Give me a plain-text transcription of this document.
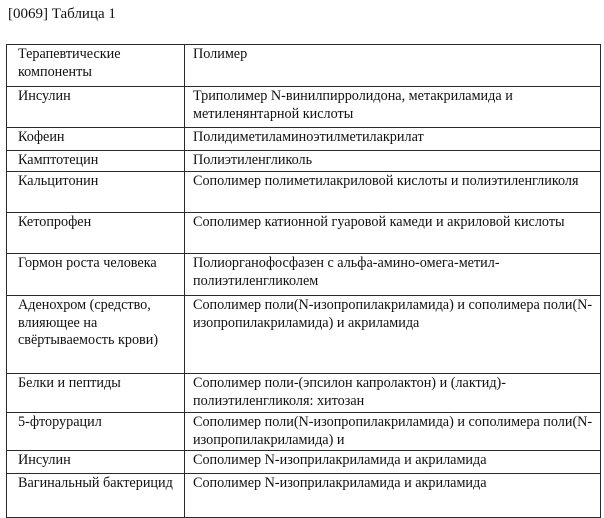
[0069] Таблица 1
Терапевтические компоненты	Полимер
Инсулин	Триполимер N-винилпирролидона, метакриламида и метиленянтарной кислоты
Кофеин	Полидиметиламиноэтилметилакрилат
Камптотецин	Полиэтиленгликоль
Кальцитонин	Сополимер полиметилакриловой кислоты и полиэтиленгликоля
Кетопрофен	Сополимер катионной гуаровой камеди и акриловой кислоты
Гормон роста человека	Полиорганофосфазен с альфа-амино-омега-метил-полиэтиленгликолем
Аденохром (средство, влияющее на свёртываемость крови)	Сополимер поли(N-изопропилакриламида) и сополимера поли(N-изопропилакриламида) и акриламида
Белки и пептиды	Сополимер поли-(эпсилон капролактон) и (лактид)-полиэтиленгликоля: хитозан
5-фторурацил	Сополимер поли(N-изопропилакриламида) и сополимера поли(N-изопропилакриламида) и
Инсулин	Сополимер N-изоприлакриламида и акриламида
Вагинальный бактерицид	Сополимер N-изоприлакриламида и акриламида
